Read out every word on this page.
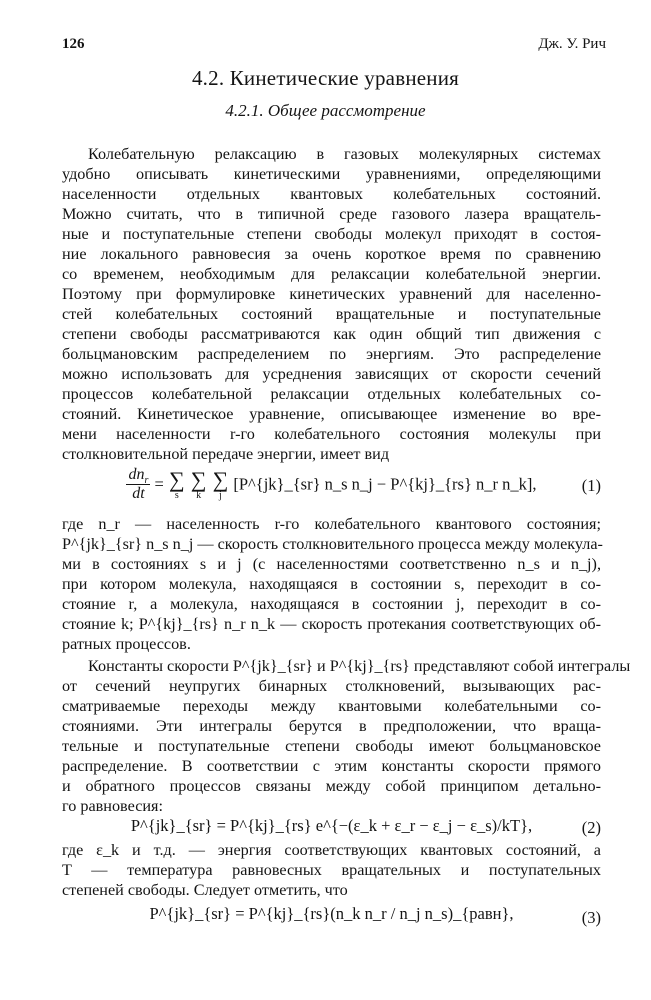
126	Дж. У. Рич
4.2. Кинетические уравнения
4.2.1. Общее рассмотрение
Колебательную релаксацию в газовых молекулярных системах
удобно описывать кинетическими уравнениями, определяющими
населенности отдельных квантовых колебательных состояний.
Можно считать, что в типичной среде газового лазера вращатель-
ные и поступательные степени свободы молекул приходят в состоя-
ние локального равновесия за очень короткое время по сравнению
со временем, необходимым для релаксации колебательной энергии.
Поэтому при формулировке кинетических уравнений для населенно-
стей колебательных состояний вращательные и поступательные
степени свободы рассматриваются как один общий тип движения с
больцмановским распределением по энергиям. Это распределение
можно использовать для усреднения зависящих от скорости сечений
процессов колебательной релаксации отдельных колебательных со-
стояний. Кинетическое уравнение, описывающее изменение во вре-
мени населенности r-го колебательного состояния молекулы при
столкновительной передаче энергии, имеет вид
$\frac{dn_r}{dt}$ = ∑
s

∑
k

∑
j
[P^{jk}_{sr} n_s n_j − P^{kj}_{rs} n_r n_k],	(1)
где n_r — населенность r-го колебательного квантового состояния;
P^{jk}_{sr} n_s n_j — скорость столкновительного процесса между молекула-
ми в состояниях s и j (с населенностями соответственно n_s и n_j),
при котором молекула, находящаяся в состоянии s, переходит в со-
стояние r, а молекула, находящаяся в состоянии j, переходит в со-
стояние k; P^{kj}_{rs} n_r n_k — скорость протекания соответствующих об-
ратных процессов.
Константы скорости P^{jk}_{sr} и P^{kj}_{rs} представляют собой интегралы
от сечений неупругих бинарных столкновений, вызывающих рас-
сматриваемые переходы между квантовыми колебательными со-
стояниями. Эти интегралы берутся в предположении, что враща-
тельные и поступательные степени свободы имеют больцмановское
распределение. В соответствии с этим константы скорости прямого
и обратного процессов связаны между собой принципом детально-
го равновесия:
P^{jk}_{sr} = P^{kj}_{rs} e^{−(ε_k + ε_r − ε_j − ε_s)/kT},	(2)
где ε_k и т.д. — энергия соответствующих квантовых состояний, а
T — температура равновесных вращательных и поступательных
степеней свободы. Следует отметить, что
P^{jk}_{sr} = P^{kj}_{rs}(n_k n_r / n_j n_s)_{равн},	(3)
